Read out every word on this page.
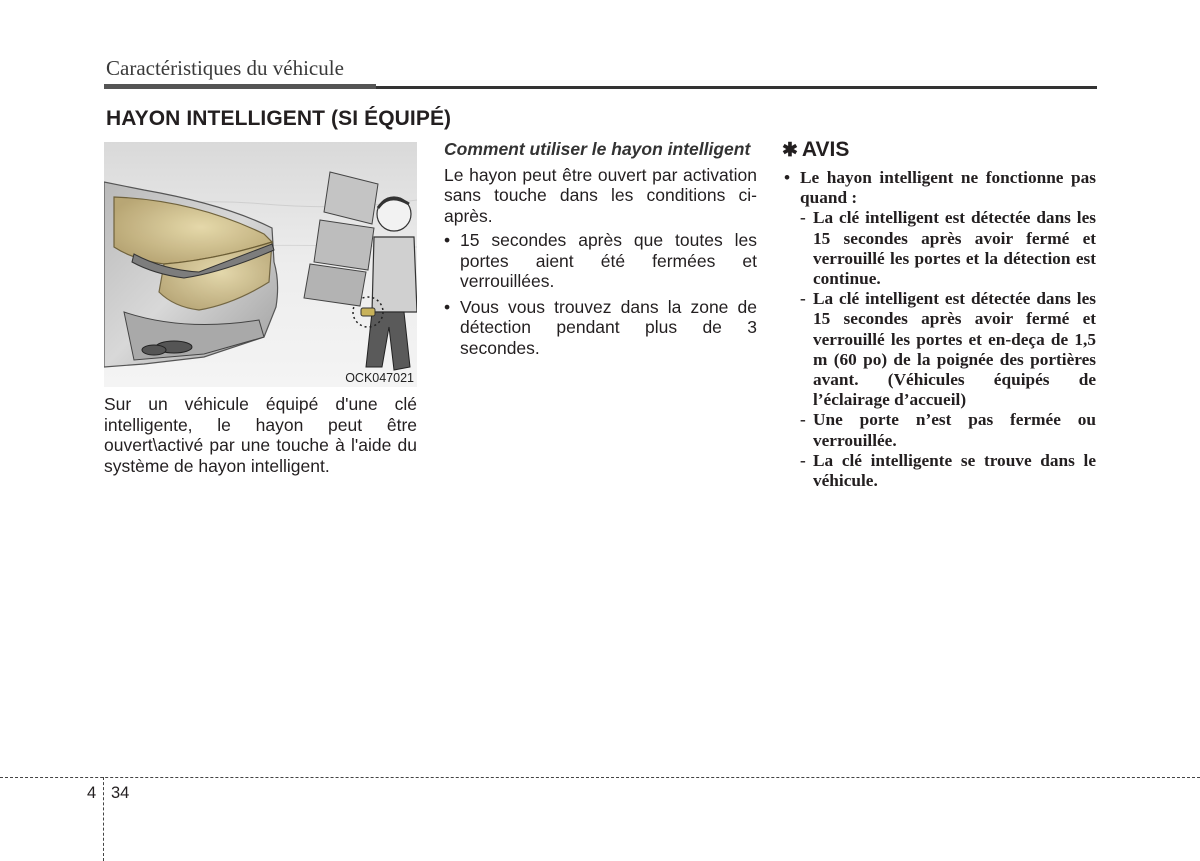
Caractéristiques du véhicule
HAYON INTELLIGENT (SI ÉQUIPÉ)
OCK047021
Sur un véhicule équipé d'une clé intelligente, le hayon peut être ouvert\activé par une touche à l'aide du système de hayon intelligent.
Comment utiliser le hayon intelligent

Le hayon peut être ouvert par activation sans touche dans les conditions ci-après.

• 15 secondes après que toutes les portes aient été fermées et verrouillées.
• Vous vous trouvez dans la zone de détection pendant plus de 3 secondes.
✱ AVIS
• Le hayon intelligent ne fonctionne pas quand :
- La clé intelligent est détectée dans les 15 secondes après avoir fermé et verrouillé les portes et la détection est continue.
- La clé intelligent est détectée dans les 15 secondes après avoir fermé et verrouillé les portes et en-deça de 1,5 m (60 po) de la poignée des portières avant. (Véhicules équipés de l’éclairage d’accueil)
- Une porte n’est pas fermée ou verrouillée.
- La clé intelligente se trouve dans le véhicule.
4 34
